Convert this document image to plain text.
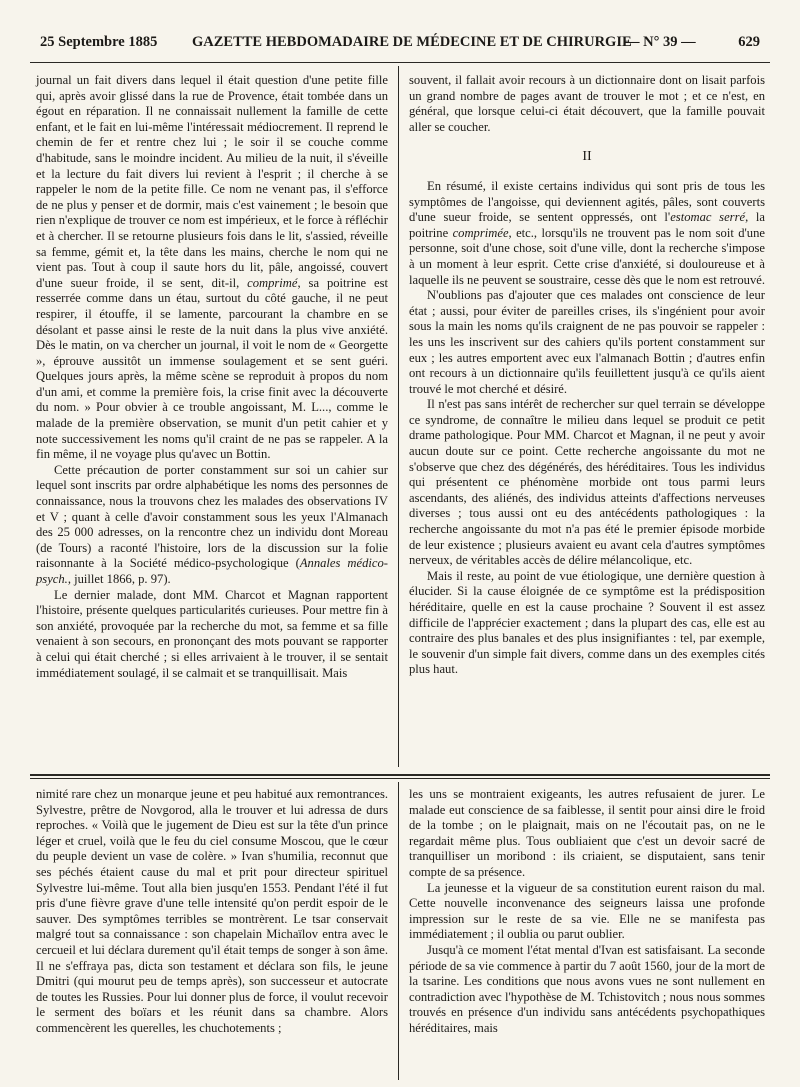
25 Septembre 1885 GAZETTE HEBDOMADAIRE DE MÉDECINE ET DE CHIRURGIE
— N° 39 —	629

journal un fait divers dans lequel il était question d'une petite fille qui, après avoir glissé dans la rue de Provence, était tombée dans un égout en réparation. Il ne connaissait nullement la famille de cette enfant, et le fait en lui-même l'intéressait médiocrement. Il reprend le chemin de fer et rentre chez lui ; le soir il se couche comme d'habitude, sans le moindre incident. Au milieu de la nuit, il s'éveille et la lecture du fait divers lui revient à l'esprit ; il cherche à se rappeler le nom de la petite fille. Ce nom ne venant pas, il s'efforce de ne plus y penser et de dormir, mais c'est vainement ; le besoin que rien n'explique de trouver ce nom est impérieux, et le force à réfléchir et à chercher. Il se retourne plusieurs fois dans le lit, s'assied, réveille sa femme, gémit et, la tête dans les mains, cherche le nom qui ne vient pas. Tout à coup il saute hors du lit, pâle, angoissé, couvert d'une sueur froide, il se sent, dit-il, comprimé, sa poitrine est resserrée comme dans un étau, surtout du côté gauche, il ne peut respirer, il étouffe, il se lamente, parcourant la chambre en se désolant et passe ainsi le reste de la nuit dans la plus vive anxiété. Dès le matin, on va chercher un journal, il voit le nom de « Georgette », éprouve aussitôt un immense soulagement et se sent guéri. Quelques jours après, la même scène se reproduit à propos du nom d'un ami, et comme la première fois, la crise finit avec la découverte du nom. » Pour obvier à ce trouble angoissant, M. L..., comme le malade de la première observation, se munit d'un petit cahier et y note successivement les noms qu'il craint de ne pas se rappeler. A la fin même, il ne voyage plus qu'avec un Bottin.

Cette précaution de porter constamment sur soi un cahier sur lequel sont inscrits par ordre alphabétique les noms des personnes de connaissance, nous la trouvons chez les malades des observations IV et V ; quant à celle d'avoir constamment sous les yeux l'Almanach des 25 000 adresses, on la rencontre chez un individu dont Moreau (de Tours) a raconté l'histoire, lors de la discussion sur la folie raisonnante à la Société médico-psychologique (Annales médico-psych., juillet 1866, p. 97).

Le dernier malade, dont MM. Charcot et Magnan rapportent l'histoire, présente quelques particularités curieuses. Pour mettre fin à son anxiété, provoquée par la recherche du mot, sa femme et sa fille venaient à son secours, en prononçant des mots pouvant se rapporter à celui qui était cherché ; si elles arrivaient à le trouver, il se sentait immédiatement soulagé, il se calmait et se tranquillisait. Mais

souvent, il fallait avoir recours à un dictionnaire dont on lisait parfois un grand nombre de pages avant de trouver le mot ; et ce n'est, en général, que lorsque celui-ci était découvert, que la famille pouvait aller se coucher.

II

En résumé, il existe certains individus qui sont pris de tous les symptômes de l'angoisse, qui deviennent agités, pâles, sont couverts d'une sueur froide, se sentent oppressés, ont l'estomac serré, la poitrine comprimée, etc., lorsqu'ils ne trouvent pas le nom soit d'une personne, soit d'une chose, soit d'une ville, dont la recherche s'impose à un moment à leur esprit. Cette crise d'anxiété, si douloureuse et à laquelle ils ne peuvent se soustraire, cesse dès que le nom est retrouvé.

N'oublions pas d'ajouter que ces malades ont conscience de leur état ; aussi, pour éviter de pareilles crises, ils s'ingénient pour avoir sous la main les noms qu'ils craignent de ne pas pouvoir se rappeler : les uns les inscrivent sur des cahiers qu'ils portent constamment sur eux ; les autres emportent avec eux l'almanach Bottin ; d'autres enfin ont recours à un dictionnaire qu'ils feuillettent jusqu'à ce qu'ils aient trouvé le mot cherché et désiré.

Il n'est pas sans intérêt de rechercher sur quel terrain se développe ce syndrome, de connaître le milieu dans lequel se produit ce petit drame pathologique. Pour MM. Charcot et Magnan, il ne peut y avoir aucun doute sur ce point. Cette recherche angoissante du mot ne s'observe que chez des dégénérés, des héréditaires. Tous les individus qui présentent ce phénomène morbide ont tous parmi leurs ascendants, des aliénés, des individus atteints d'affections nerveuses diverses ; tous aussi ont eu des antécédents pathologiques : la recherche angoissante du mot n'a pas été le premier épisode morbide de leur existence ; plusieurs avaient eu avant cela d'autres symptômes nerveux, de véritables accès de délire mélancolique, etc.

Mais il reste, au point de vue étiologique, une dernière question à élucider. Si la cause éloignée de ce symptôme est la prédisposition héréditaire, quelle en est la cause prochaine ? Souvent il est assez difficile de l'apprécier exactement ; dans la plupart des cas, elle est au contraire des plus banales et des plus insignifiantes : tel, par exemple, le souvenir d'un simple fait divers, comme dans un des exemples cités plus haut.

nimité rare chez un monarque jeune et peu habitué aux remontrances. Sylvestre, prêtre de Novgorod, alla le trouver et lui adressa de durs reproches. « Voilà que le jugement de Dieu est sur la tête d'un prince léger et cruel, voilà que le feu du ciel consume Moscou, que le cœur du peuple devient un vase de colère. » Ivan s'humilia, reconnut que ses péchés étaient cause du mal et prit pour directeur spirituel Sylvestre lui-même. Tout alla bien jusqu'en 1553. Pendant l'été il fut pris d'une fièvre grave d'une telle intensité qu'on perdit espoir de le sauver. Des symptômes terribles se montrèrent. Le tsar conservait malgré tout sa connaissance : son chapelain Michaïlov entra avec le cercueil et lui déclara durement qu'il était temps de songer à son âme. Il ne s'effraya pas, dicta son testament et déclara son fils, le jeune Dmitri (qui mourut peu de temps après), son successeur et autocrate de toutes les Russies. Pour lui donner plus de force, il voulut recevoir le serment des boïars et les réunit dans sa chambre. Alors commencèrent les querelles, les chuchotements ;

les uns se montraient exigeants, les autres refusaient de jurer. Le malade eut conscience de sa faiblesse, il sentit pour ainsi dire le froid de la tombe ; on le plaignait, mais on ne l'écoutait pas, on ne le regardait même plus. Tous oubliaient que c'est un devoir sacré de tranquilliser un moribond : ils criaient, se disputaient, sans tenir compte de sa présence.

La jeunesse et la vigueur de sa constitution eurent raison du mal. Cette nouvelle inconvenance des seigneurs laissa une profonde impression sur le reste de sa vie. Elle ne se manifesta pas immédiatement ; il oublia ou parut oublier.

Jusqu'à ce moment l'état mental d'Ivan est satisfaisant. La seconde période de sa vie commence à partir du 7 août 1560, jour de la mort de la tsarine. Les conditions que nous avons vues ne sont nullement en contradiction avec l'hypothèse de M. Tchistovitch ; nous nous sommes trouvés en présence d'un individu sans antécédents psychopathiques héréditaires, mais
